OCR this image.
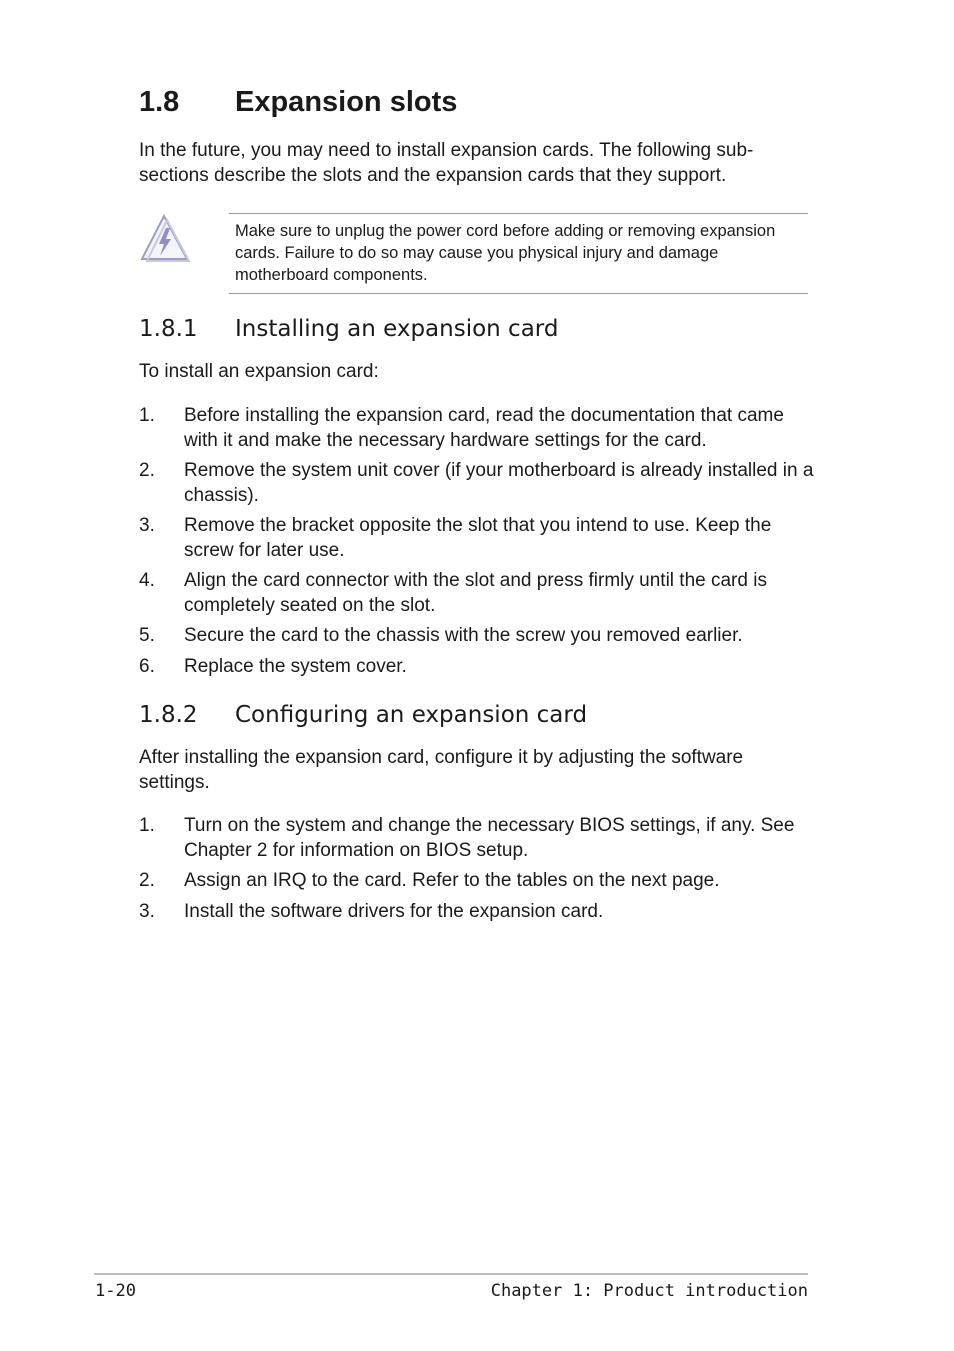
1.8 Expansion slots
In the future, you may need to install expansion cards. The following sub-sections describe the slots and the expansion cards that they support.
Make sure to unplug the power cord before adding or removing expansion cards. Failure to do so may cause you physical injury and damage motherboard components.
1.8.1 Installing an expansion card
To install an expansion card:
1. Before installing the expansion card, read the documentation that came with it and make the necessary hardware settings for the card.
2. Remove the system unit cover (if your motherboard is already installed in a chassis).
3. Remove the bracket opposite the slot that you intend to use. Keep the screw for later use.
4. Align the card connector with the slot and press firmly until the card is completely seated on the slot.
5. Secure the card to the chassis with the screw you removed earlier.
6. Replace the system cover.
1.8.2 Configuring an expansion card
After installing the expansion card, configure it by adjusting the software settings.
1. Turn on the system and change the necessary BIOS settings, if any. See Chapter 2 for information on BIOS setup.
2. Assign an IRQ to the card. Refer to the tables on the next page.
3. Install the software drivers for the expansion card.
1-20	Chapter 1: Product introduction
